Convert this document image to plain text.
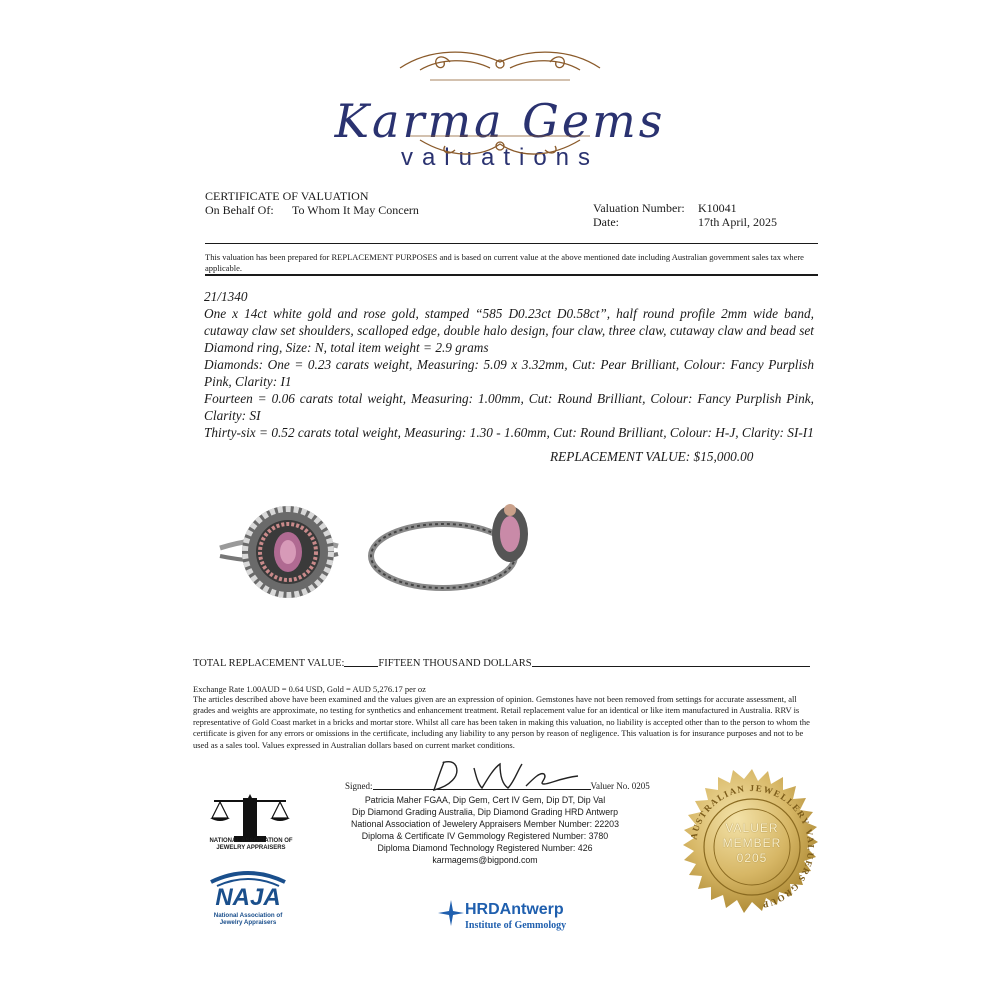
Karma Gems
valuations
CERTIFICATE OF VALUATION
On Behalf Of: To Whom It May Concern	Valuation Number: K10041
Date:	17th April, 2025
This valuation has been prepared for REPLACEMENT PURPOSES and is based on current value at the above mentioned date including Australian government sales tax where applicable.

21/1340

One x 14ct white gold and rose gold, stamped “585 D0.23ct D0.58ct”, half round profile 2mm wide band, cutaway claw set shoulders, scalloped edge, double halo design, four claw, three claw, cutaway claw and bead set Diamond ring, Size: N, total item weight = 2.9 grams

Diamonds: One = 0.23 carats weight, Measuring: 5.09 x 3.32mm, Cut: Pear Brilliant, Colour: Fancy Purplish Pink, Clarity: I1

Fourteen = 0.06 carats total weight, Measuring: 1.00mm, Cut: Round Brilliant, Colour: Fancy Purplish Pink, Clarity: SI

Thirty-six = 0.52 carats total weight, Measuring: 1.30 - 1.60mm, Cut: Round Brilliant, Colour: H-J, Clarity: SI-I1

REPLACEMENT VALUE: $15,000.00
TOTAL REPLACEMENT VALUE:	FIFTEEN THOUSAND DOLLARS
Exchange Rate 1.00AUD = 0.64 USD, Gold = AUD 5,276.17 per oz
The articles described above have been examined and the values given are an expression of opinion. Gemstones have not been removed from settings for accurate assessment, all grades and weights are approximate, no testing for synthetics and enhancement treatment. Retail replacement value for an identical or like item manufactured in Australia. RRV is representative of Gold Coast market in a bricks and mortar store. Whilst all care has been taken in making this valuation, no liability is accepted other than to the person to whom the certificate is given for any errors or omissions in the certificate, including any liability to any person by reason of negligence. This valuation is for insurance purposes and not to be used as a sales tool. Values expressed in Australian dollars based on current market conditions.
Signed:	Valuer No. 0205
Patricia Maher FGAA, Dip Gem, Cert IV Gem, Dip DT, Dip Val
Dip Diamond Grading Australia, Dip Diamond Grading HRD Antwerp
National Association of Jewelery Appraisers Member Number: 22203
Diploma & Certificate IV Gemmology Registered Number: 3780
Diploma Diamond Technology Registered Number: 426
karmagems@bigpond.com
NATIONAL ASSOCIATION OF JEWELRY APPRAISERS
NAJA
National Association of Jewelry Appraisers
HRDAntwerp
Institute of Gemmology
AUSTRALIAN JEWELLERY VALUERS GROUP
VALUER
MEMBER
0205
